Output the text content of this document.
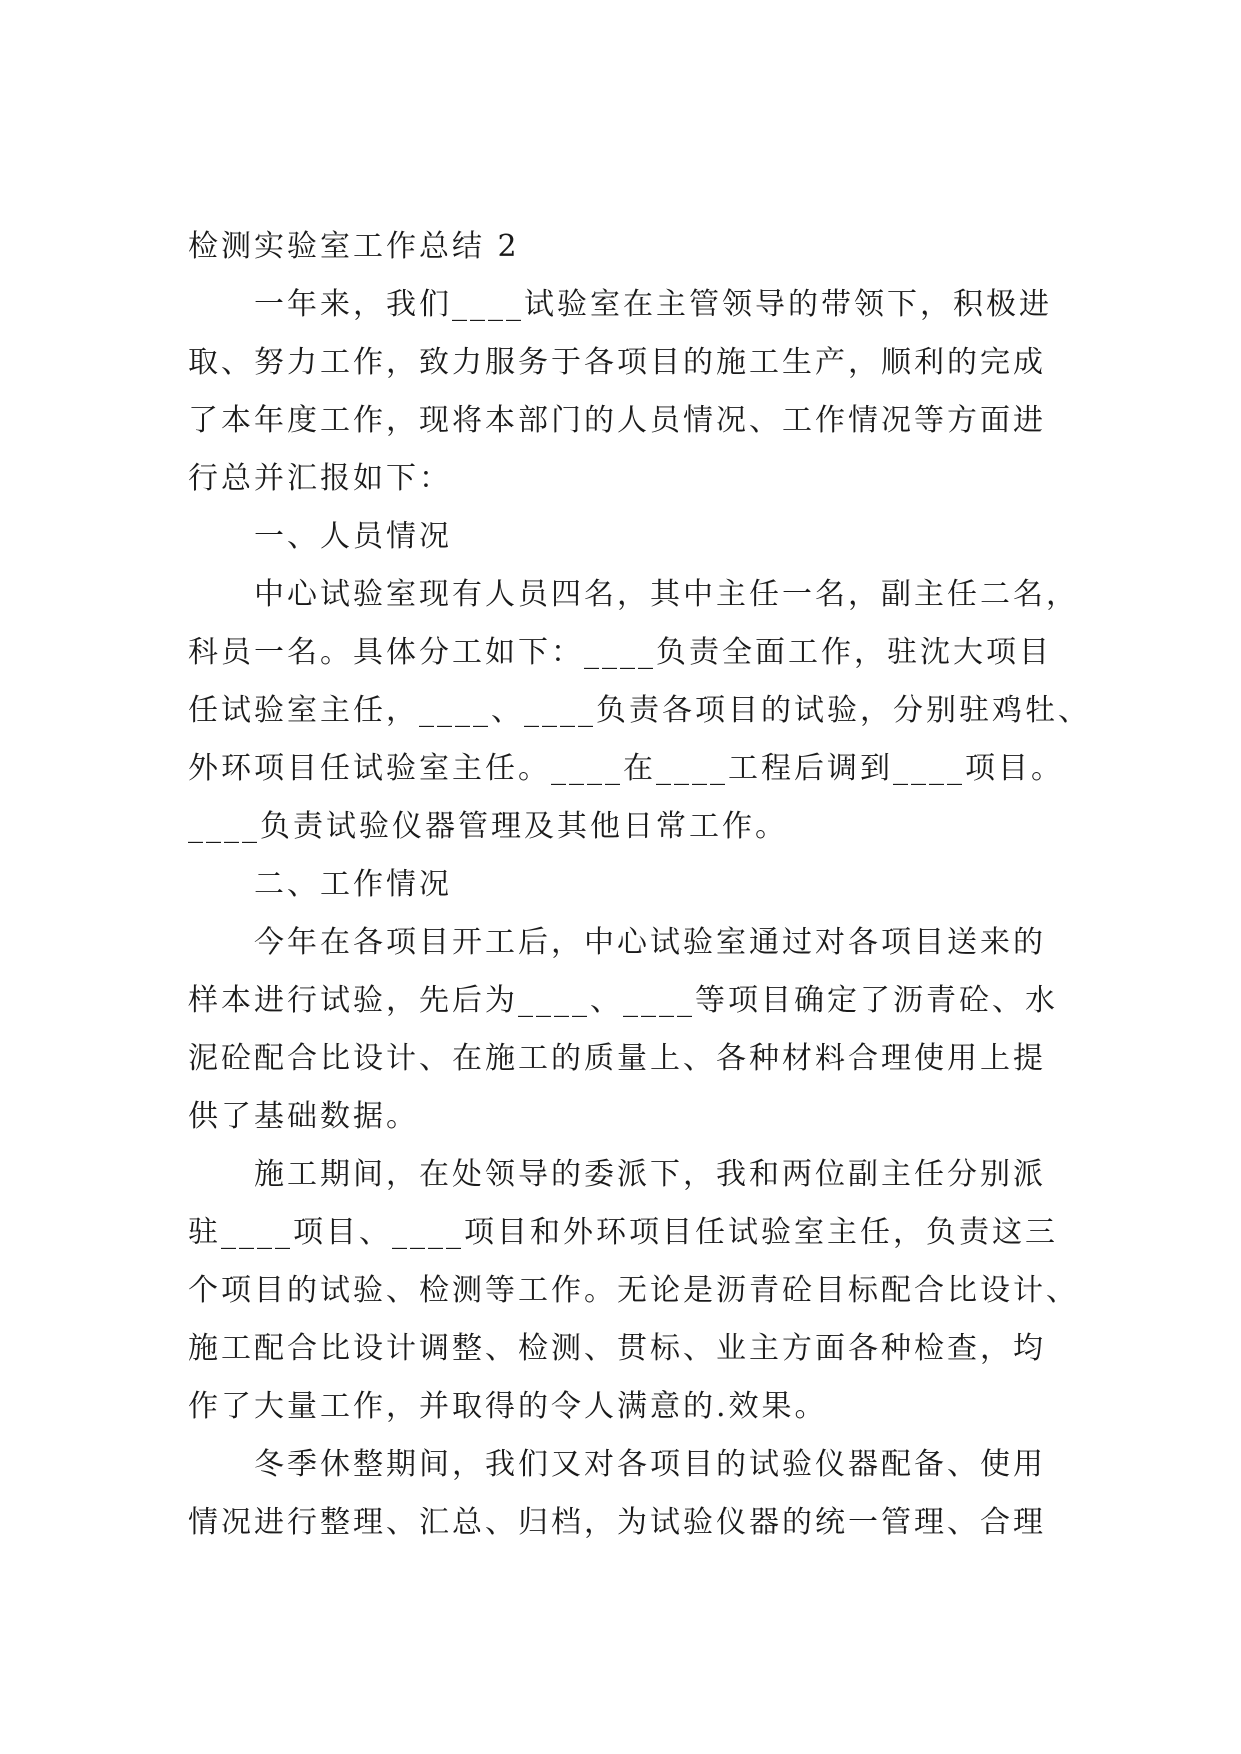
检测实验室工作总结 2

一年来，我们____试验室在主管领导的带领下，积极进

取、努力工作，致力服务于各项目的施工生产，顺利的完成

了本年度工作，现将本部门的人员情况、工作情况等方面进

行总并汇报如下：

一、人员情况

中心试验室现有人员四名，其中主任一名，副主任二名，

科员一名。具体分工如下：____负责全面工作，驻沈大项目

任试验室主任，____、____负责各项目的试验，分别驻鸡牡、

外环项目任试验室主任。____在____工程后调到____项目。

____负责试验仪器管理及其他日常工作。

二、工作情况

今年在各项目开工后，中心试验室通过对各项目送来的

样本进行试验，先后为____、____等项目确定了沥青砼、水

泥砼配合比设计、在施工的质量上、各种材料合理使用上提

供了基础数据。

施工期间，在处领导的委派下，我和两位副主任分别派

驻____项目、____项目和外环项目任试验室主任，负责这三

个项目的试验、检测等工作。无论是沥青砼目标配合比设计、

施工配合比设计调整、检测、贯标、业主方面各种检查，均

作了大量工作，并取得的令人满意的.效果。

冬季休整期间，我们又对各项目的试验仪器配备、使用

情况进行整理、汇总、归档，为试验仪器的统一管理、合理
